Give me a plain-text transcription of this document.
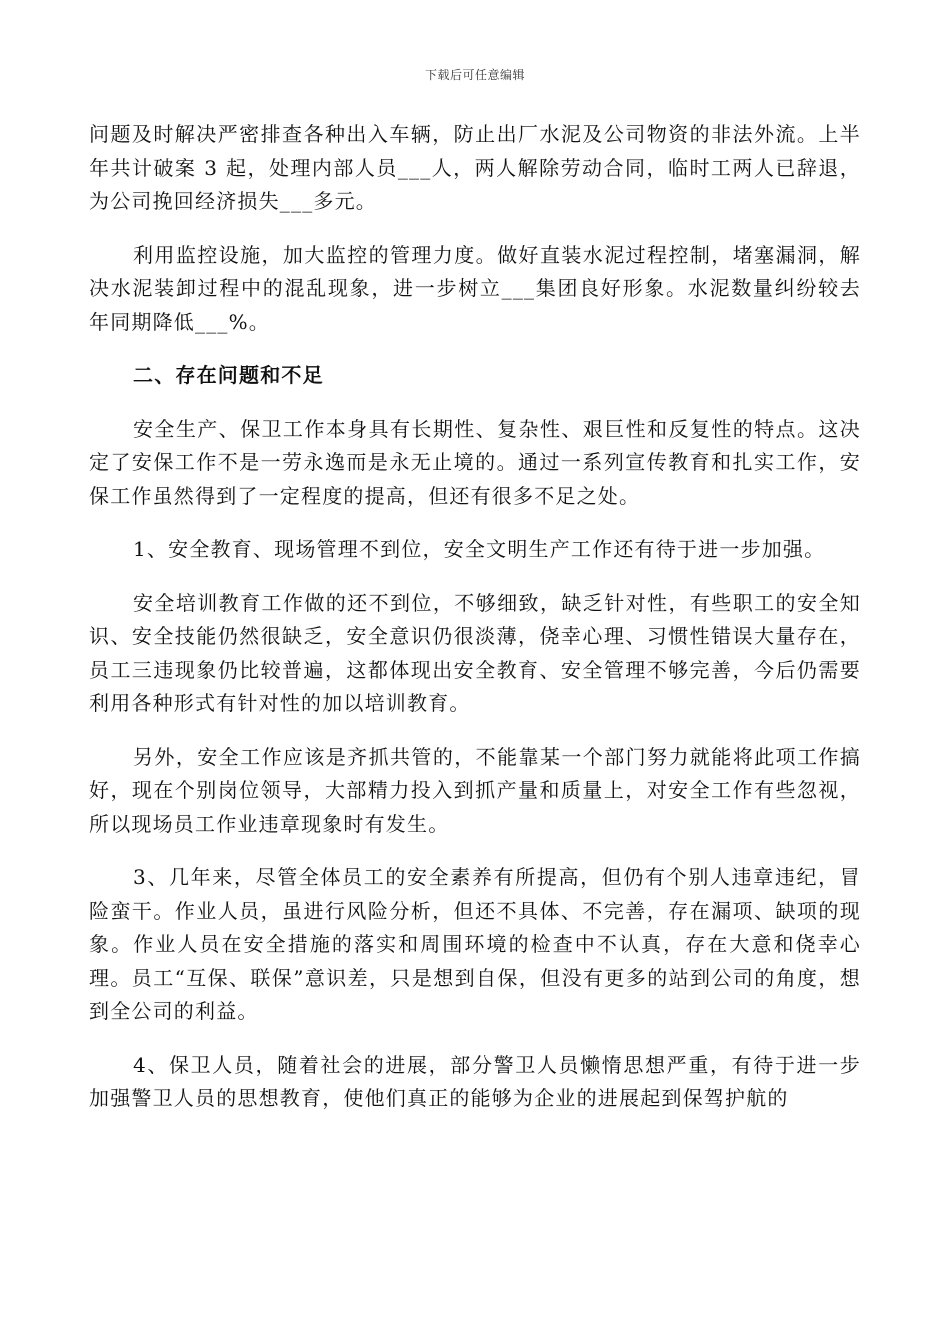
下载后可任意编辑

问题及时解决严密排查各种出入车辆，防止出厂水泥及公司物资的非法外流。上半年共计破案 3 起，处理内部人员___人，两人解除劳动合同，临时工两人已辞退，为公司挽回经济损失___多元。

利用监控设施，加大监控的管理力度。做好直装水泥过程控制，堵塞漏洞，解决水泥装卸过程中的混乱现象，进一步树立___集团良好形象。水泥数量纠纷较去年同期降低___%。

二、存在问题和不足

安全生产、保卫工作本身具有长期性、复杂性、艰巨性和反复性的特点。这决定了安保工作不是一劳永逸而是永无止境的。通过一系列宣传教育和扎实工作，安保工作虽然得到了一定程度的提高，但还有很多不足之处。

1、安全教育、现场管理不到位，安全文明生产工作还有待于进一步加强。

安全培训教育工作做的还不到位，不够细致，缺乏针对性，有些职工的安全知识、安全技能仍然很缺乏，安全意识仍很淡薄，侥幸心理、习惯性错误大量存在，员工三违现象仍比较普遍，这都体现出安全教育、安全管理不够完善，今后仍需要利用各种形式有针对性的加以培训教育。

另外，安全工作应该是齐抓共管的，不能靠某一个部门努力就能将此项工作搞好，现在个别岗位领导，大部精力投入到抓产量和质量上，对安全工作有些忽视，所以现场员工作业违章现象时有发生。

3、几年来，尽管全体员工的安全素养有所提高，但仍有个别人违章违纪，冒险蛮干。作业人员，虽进行风险分析，但还不具体、不完善，存在漏项、缺项的现象。作业人员在安全措施的落实和周围环境的检查中不认真，存在大意和侥幸心理。员工“互保、联保”意识差，只是想到自保，但没有更多的站到公司的角度，想到全公司的利益。

4、保卫人员，随着社会的进展，部分警卫人员懒惰思想严重，有待于进一步加强警卫人员的思想教育，使他们真正的能够为企业的进展起到保驾护航的
